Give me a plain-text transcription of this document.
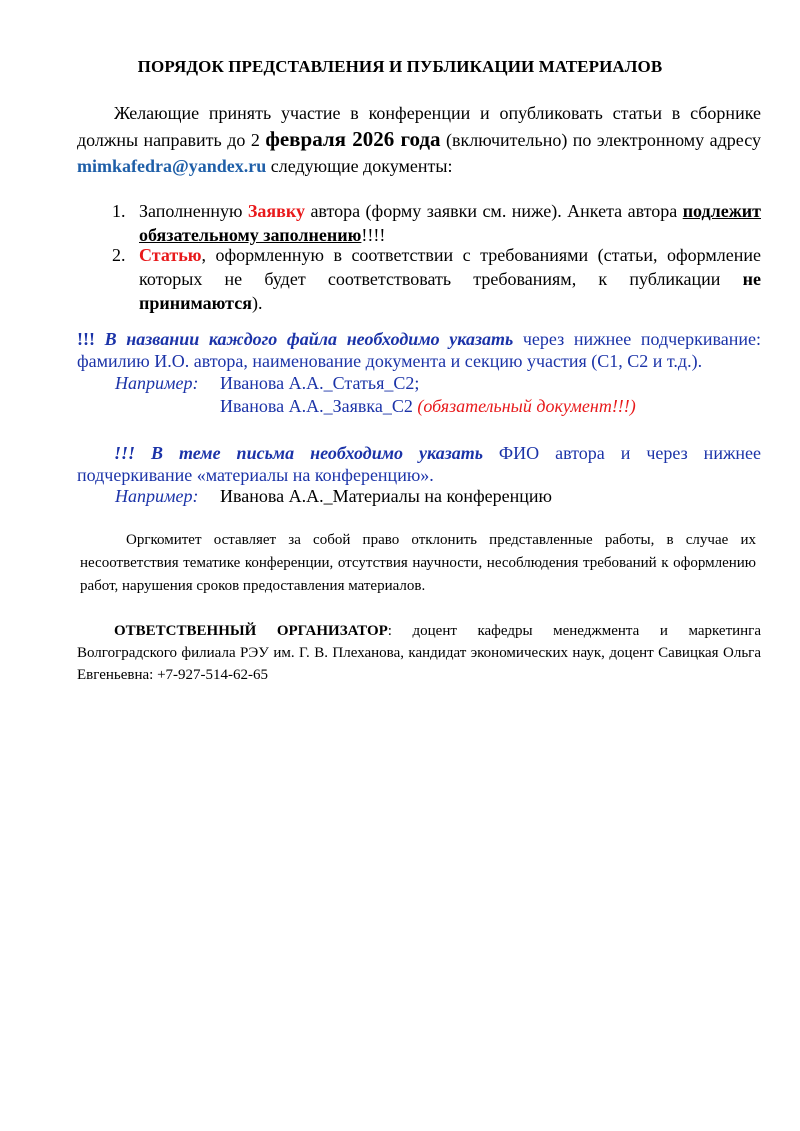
ПОРЯДОК ПРЕДСТАВЛЕНИЯ И ПУБЛИКАЦИИ МАТЕРИАЛОВ
Желающие принять участие в конференции и опубликовать статьи в сборнике должны направить до 2 февраля 2026 года (включительно) по электронному адресу mimkafedra@yandex.ru следующие документы:
1. Заполненную Заявку автора (форму заявки см. ниже). Анкета автора подлежит обязательному заполнению!!!!
2. Статью, оформленную в соответствии с требованиями (статьи, оформление которых не будет соответствовать требованиям, к публикации не принимаются).
!!! В названии каждого файла необходимо указать через нижнее подчеркивание: фамилию И.О. автора, наименование документа и секцию участия (С1, С2 и т.д.).
Например: Иванова А.А._Статья_С2;
Иванова А.А._Заявка_С2 (обязательный документ!!!)
!!! В теме письма необходимо указать ФИО автора и через нижнее подчеркивание «материалы на конференцию».
Например: Иванова А.А._Материалы на конференцию
Оргкомитет оставляет за собой право отклонить представленные работы, в случае их несоответствия тематике конференции, отсутствия научности, несоблюдения требований к оформлению работ, нарушения сроков предоставления материалов.
ОТВЕТСТВЕННЫЙ ОРГАНИЗАТОР: доцент кафедры менеджмента и маркетинга Волгоградского филиала РЭУ им. Г. В. Плеханова, кандидат экономических наук, доцент Савицкая Ольга Евгеньевна: +7-927-514-62-65
